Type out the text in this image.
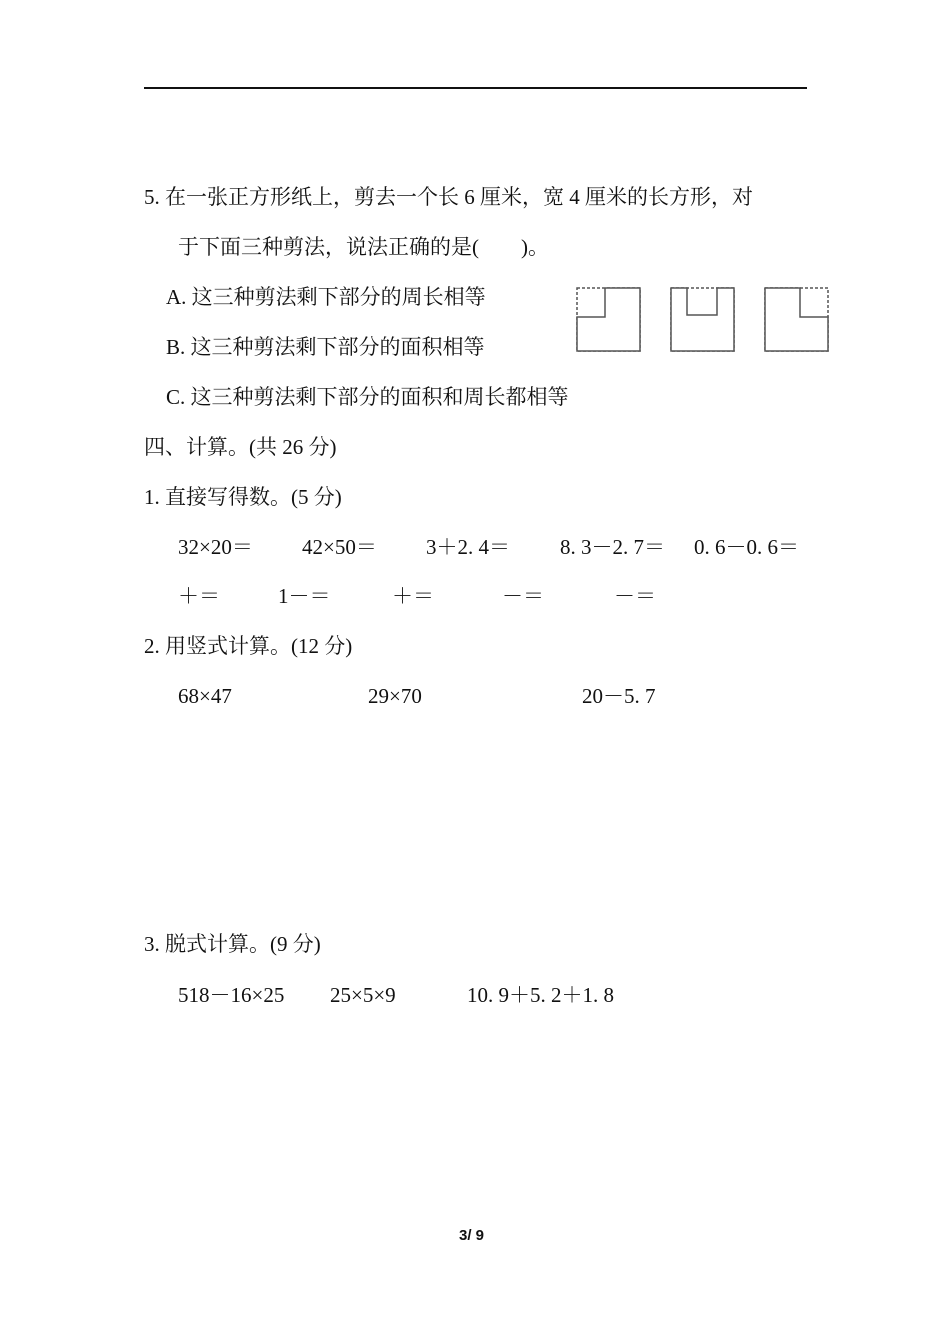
5. 在一张正方形纸上，剪去一个长 6 厘米，宽 4 厘米的长方形，对
于下面三种剪法，说法正确的是(　　)。
A. 这三种剪法剩下部分的周长相等
B. 这三种剪法剩下部分的面积相等
C. 这三种剪法剩下部分的面积和周长都相等
四、计算。(共 26 分)
1. 直接写得数。(5 分)
32×20＝ 42×50＝ 3＋2. 4＝ 8. 3－2. 7＝ 0. 6－0. 6＝
＋＝	1－＝	＋＝	－＝	－＝
2. 用竖式计算。(12 分)
68×47	29×70	20－5. 7
3. 脱式计算。(9 分)
518－16×25 25×5×9	10. 9＋5. 2＋1. 8
3/ 9
